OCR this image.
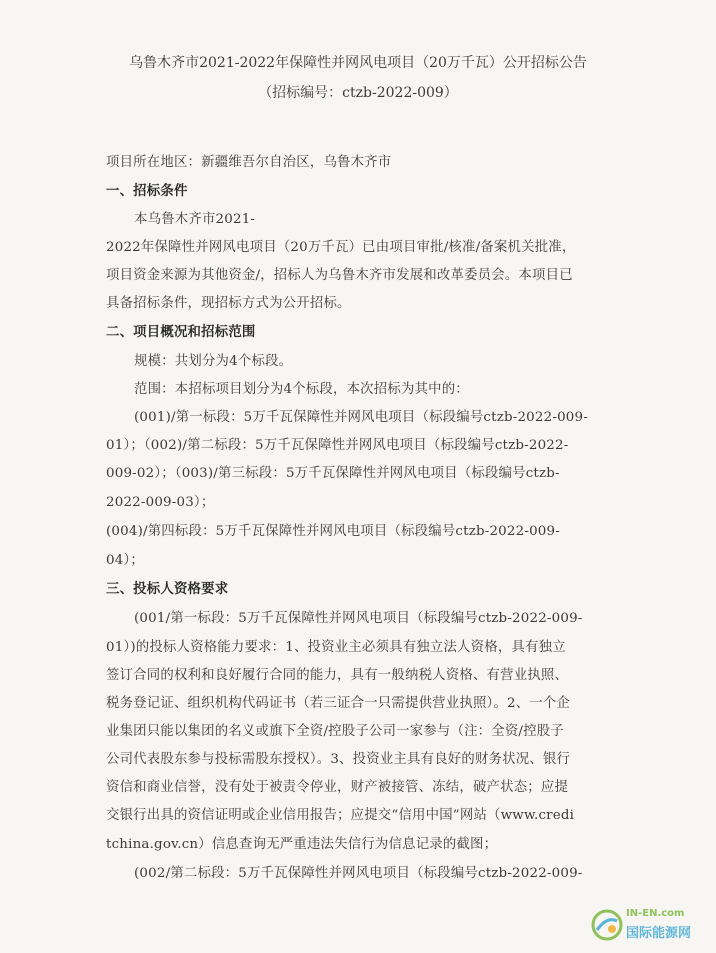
乌鲁木齐市2021-2022年保障性并网风电项目（20万千瓦）公开招标公告
（招标编号：ctzb-2022-009）
项目所在地区：新疆维吾尔自治区，乌鲁木齐市
一、招标条件
本乌鲁木齐市2021-
2022年保障性并网风电项目（20万千瓦）已由项目审批/核准/备案机关批准，
项目资金来源为其他资金/，招标人为乌鲁木齐市发展和改革委员会。本项目已
具备招标条件，现招标方式为公开招标。
二、项目概况和招标范围
规模：共划分为4个标段。
范围：本招标项目划分为4个标段，本次招标为其中的：
(001)/第一标段：5万千瓦保障性并网风电项目（标段编号ctzb-2022-009-
01）；（002)/第二标段：5万千瓦保障性并网风电项目（标段编号ctzb-2022-
009-02）；（003)/第三标段：5万千瓦保障性并网风电项目（标段编号ctzb-
2022-009-03）；
(004)/第四标段：5万千瓦保障性并网风电项目（标段编号ctzb-2022-009-
04）；
三、投标人资格要求
(001/第一标段：5万千瓦保障性并网风电项目（标段编号ctzb-2022-009-
01）)的投标人资格能力要求：1、投资业主必须具有独立法人资格，具有独立
签订合同的权利和良好履行合同的能力，具有一般纳税人资格、有营业执照、
税务登记证、组织机构代码证书（若三证合一只需提供营业执照）。2、一个企
业集团只能以集团的名义或旗下全资/控股子公司一家参与（注：全资/控股子
公司代表股东参与投标需股东授权）。3、投资业主具有良好的财务状况、银行
资信和商业信誉，没有处于被责令停业，财产被接管、冻结，破产状态；应提
交银行出具的资信证明或企业信用报告；应提交“信用中国”网站（www.credi
tchina.gov.cn）信息查询无严重违法失信行为信息记录的截图；
(002/第二标段：5万千瓦保障性并网风电项目（标段编号ctzb-2022-009-
IN-EN.com
国际能源网
